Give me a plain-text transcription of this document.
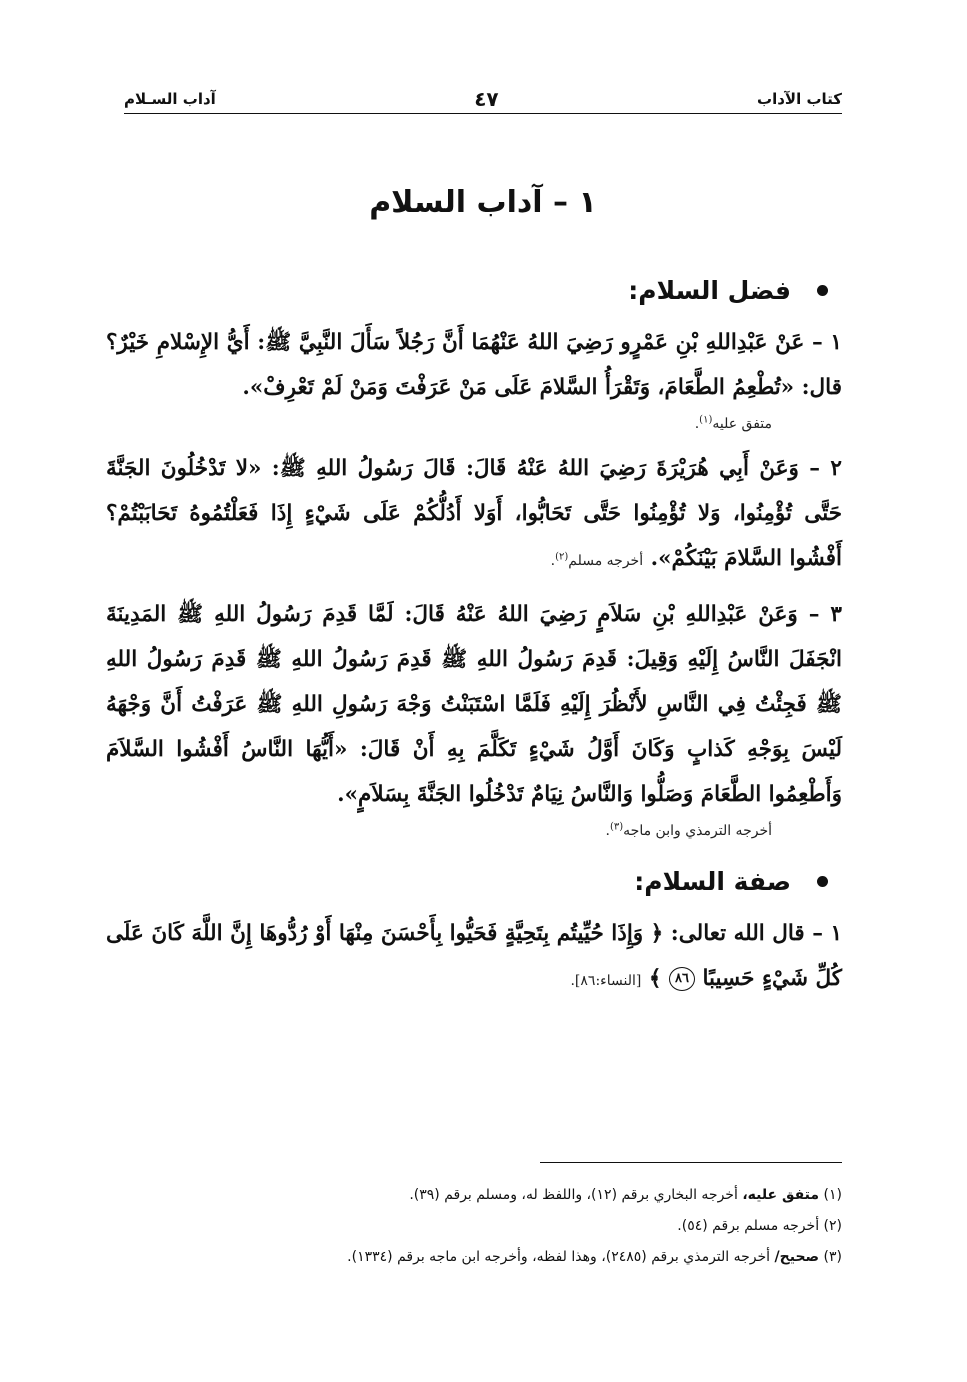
كتاب الآداب
٤٧
آداب السـلام
١ – آداب السلام
فضل السلام:
١ – عَنْ عَبْدِاللهِ بْنِ عَمْرٍو رَضِيَ اللهُ عَنْهُمَا أَنَّ رَجُلاً سَأَلَ النَّبِيَّ ﷺ: أَيُّ الإِسْلامِ خَيْرٌ؟ قال: «تُطْعِمُ الطَّعَامَ، وَتَقْرَأُ السَّلامَ عَلَى مَنْ عَرَفْتَ وَمَنْ لَمْ تَعْرِفْ».
متفق عليه$^{(١)}$.
٢ – وَعَنْ أَبِي هُرَيْرَةَ رَضِيَ اللهُ عَنْهُ قَالَ: قَالَ رَسُولُ اللهِ ﷺ: «لا تَدْخُلُونَ الجَنَّةَ حَتَّى تُؤْمِنُوا، وَلا تُؤْمِنُوا حَتَّى تَحَابُّوا، أَوَلا أَدُلُّكُمْ عَلَى شَيْءٍ إِذَا فَعَلْتُمُوهُ تَحَابَبْتُمْ؟ أَفْشُوا السَّلامَ بَيْنَكُمْ». أخرجه مسلم$^{(٢)}$.
٣ – وَعَنْ عَبْدِاللهِ بْنِ سَلاَمٍ رَضِيَ اللهُ عَنْهُ قَالَ: لَمَّا قَدِمَ رَسُولُ اللهِ ﷺ المَدِينَةَ انْجَفَلَ النَّاسُ إِلَيْهِ وَقِيلَ: قَدِمَ رَسُولُ اللهِ ﷺ قَدِمَ رَسُولُ اللهِ ﷺ قَدِمَ رَسُولُ اللهِ ﷺ فَجِئْتُ فِي النَّاسِ لأَنْظُرَ إِلَيْهِ فَلَمَّا اسْتَبَنْتُ وَجْهَ رَسُولِ اللهِ ﷺ عَرَفْتُ أَنَّ وَجْهَهُ لَيْسَ بِوَجْهِ كَذابٍ وَكَانَ أَوَّلُ شَيْءٍ تَكَلَّمَ بِهِ أَنْ قَالَ: «أَيُّهَا النَّاسُ أَفْشُوا السَّلاَمَ وَأَطْعِمُوا الطَّعَامَ وَصَلُّوا وَالنَّاسُ نِيَامٌ تَدْخُلُوا الجَنَّةَ بِسَلاَمٍ».
أخرجه الترمذي وابن ماجه$^{(٣)}$.
صفة السلام:
١ – قال الله تعالى: ﴿ وَإِذَا حُيِّيتُم بِتَحِيَّةٍ فَحَيُّوا بِأَحْسَنَ مِنْهَا أَوْ رُدُّوهَا إِنَّ اللَّهَ كَانَ عَلَى كُلِّ شَيْءٍ حَسِيبًا ٨٦ ﴾ [النساء:٨٦].
(١) متفق عليه، أخرجه البخاري برقم (١٢)، واللفظ له، ومسلم برقم (٣٩).
(٢) أخرجه مسلم برقم (٥٤).
(٣) صحيح/ أخرجه الترمذي برقم (٢٤٨٥)، وهذا لفظه، وأخرجه ابن ماجه برقم (١٣٣٤).
